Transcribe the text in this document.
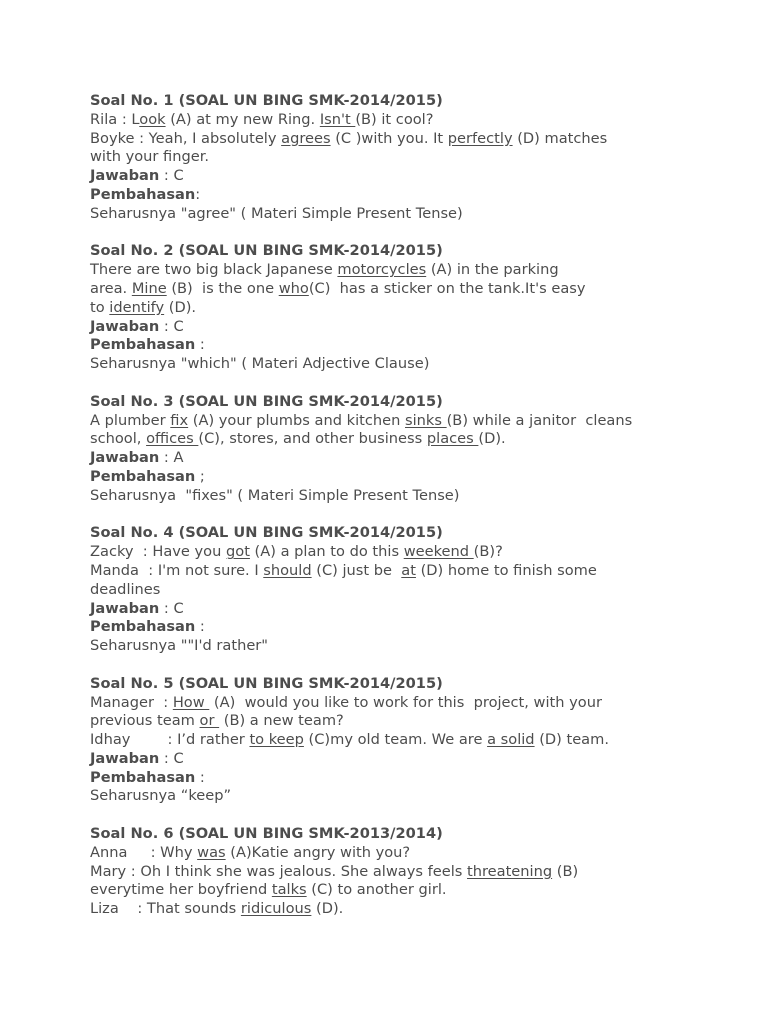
Soal No. 1 (SOAL UN BING SMK-2014/2015)
Rila : Look (A) at my new Ring. Isn't (B) it cool?
Boyke : Yeah, I absolutely agrees (C )with you. It perfectly (D) matches
with your finger.
Jawaban : C
Pembahasan:
Seharusnya "agree" ( Materi Simple Present Tense)
Soal No. 2 (SOAL UN BING SMK-2014/2015)
There are two big black Japanese motorcycles (A) in the parking
area. Mine (B)  is the one who(C)  has a sticker on the tank.It's easy
to identify (D).
Jawaban : C
Pembahasan :
Seharusnya "which" ( Materi Adjective Clause)
Soal No. 3 (SOAL UN BING SMK-2014/2015)
A plumber fix (A) your plumbs and kitchen sinks (B) while a janitor  cleans
school, offices (C), stores, and other business places (D).
Jawaban : A
Pembahasan ;
Seharusnya  "fixes" ( Materi Simple Present Tense)
Soal No. 4 (SOAL UN BING SMK-2014/2015)
Zacky  : Have you got (A) a plan to do this weekend (B)?
Manda  : I'm not sure. I should (C) just be  at (D) home to finish some
deadlines
Jawaban : C
Pembahasan :
Seharusnya ""I'd rather"
Soal No. 5 (SOAL UN BING SMK-2014/2015)
Manager  : How  (A)  would you like to work for this  project, with your
previous team or  (B) a new team?
Idhay        : I’d rather to keep (C)my old team. We are a solid (D) team.
Jawaban : C
Pembahasan :
Seharusnya “keep”
Soal No. 6 (SOAL UN BING SMK-2013/2014)
Anna     : Why was (A)Katie angry with you?
Mary : Oh I think she was jealous. She always feels threatening (B)
everytime her boyfriend talks (C) to another girl.
Liza    : That sounds ridiculous (D).
